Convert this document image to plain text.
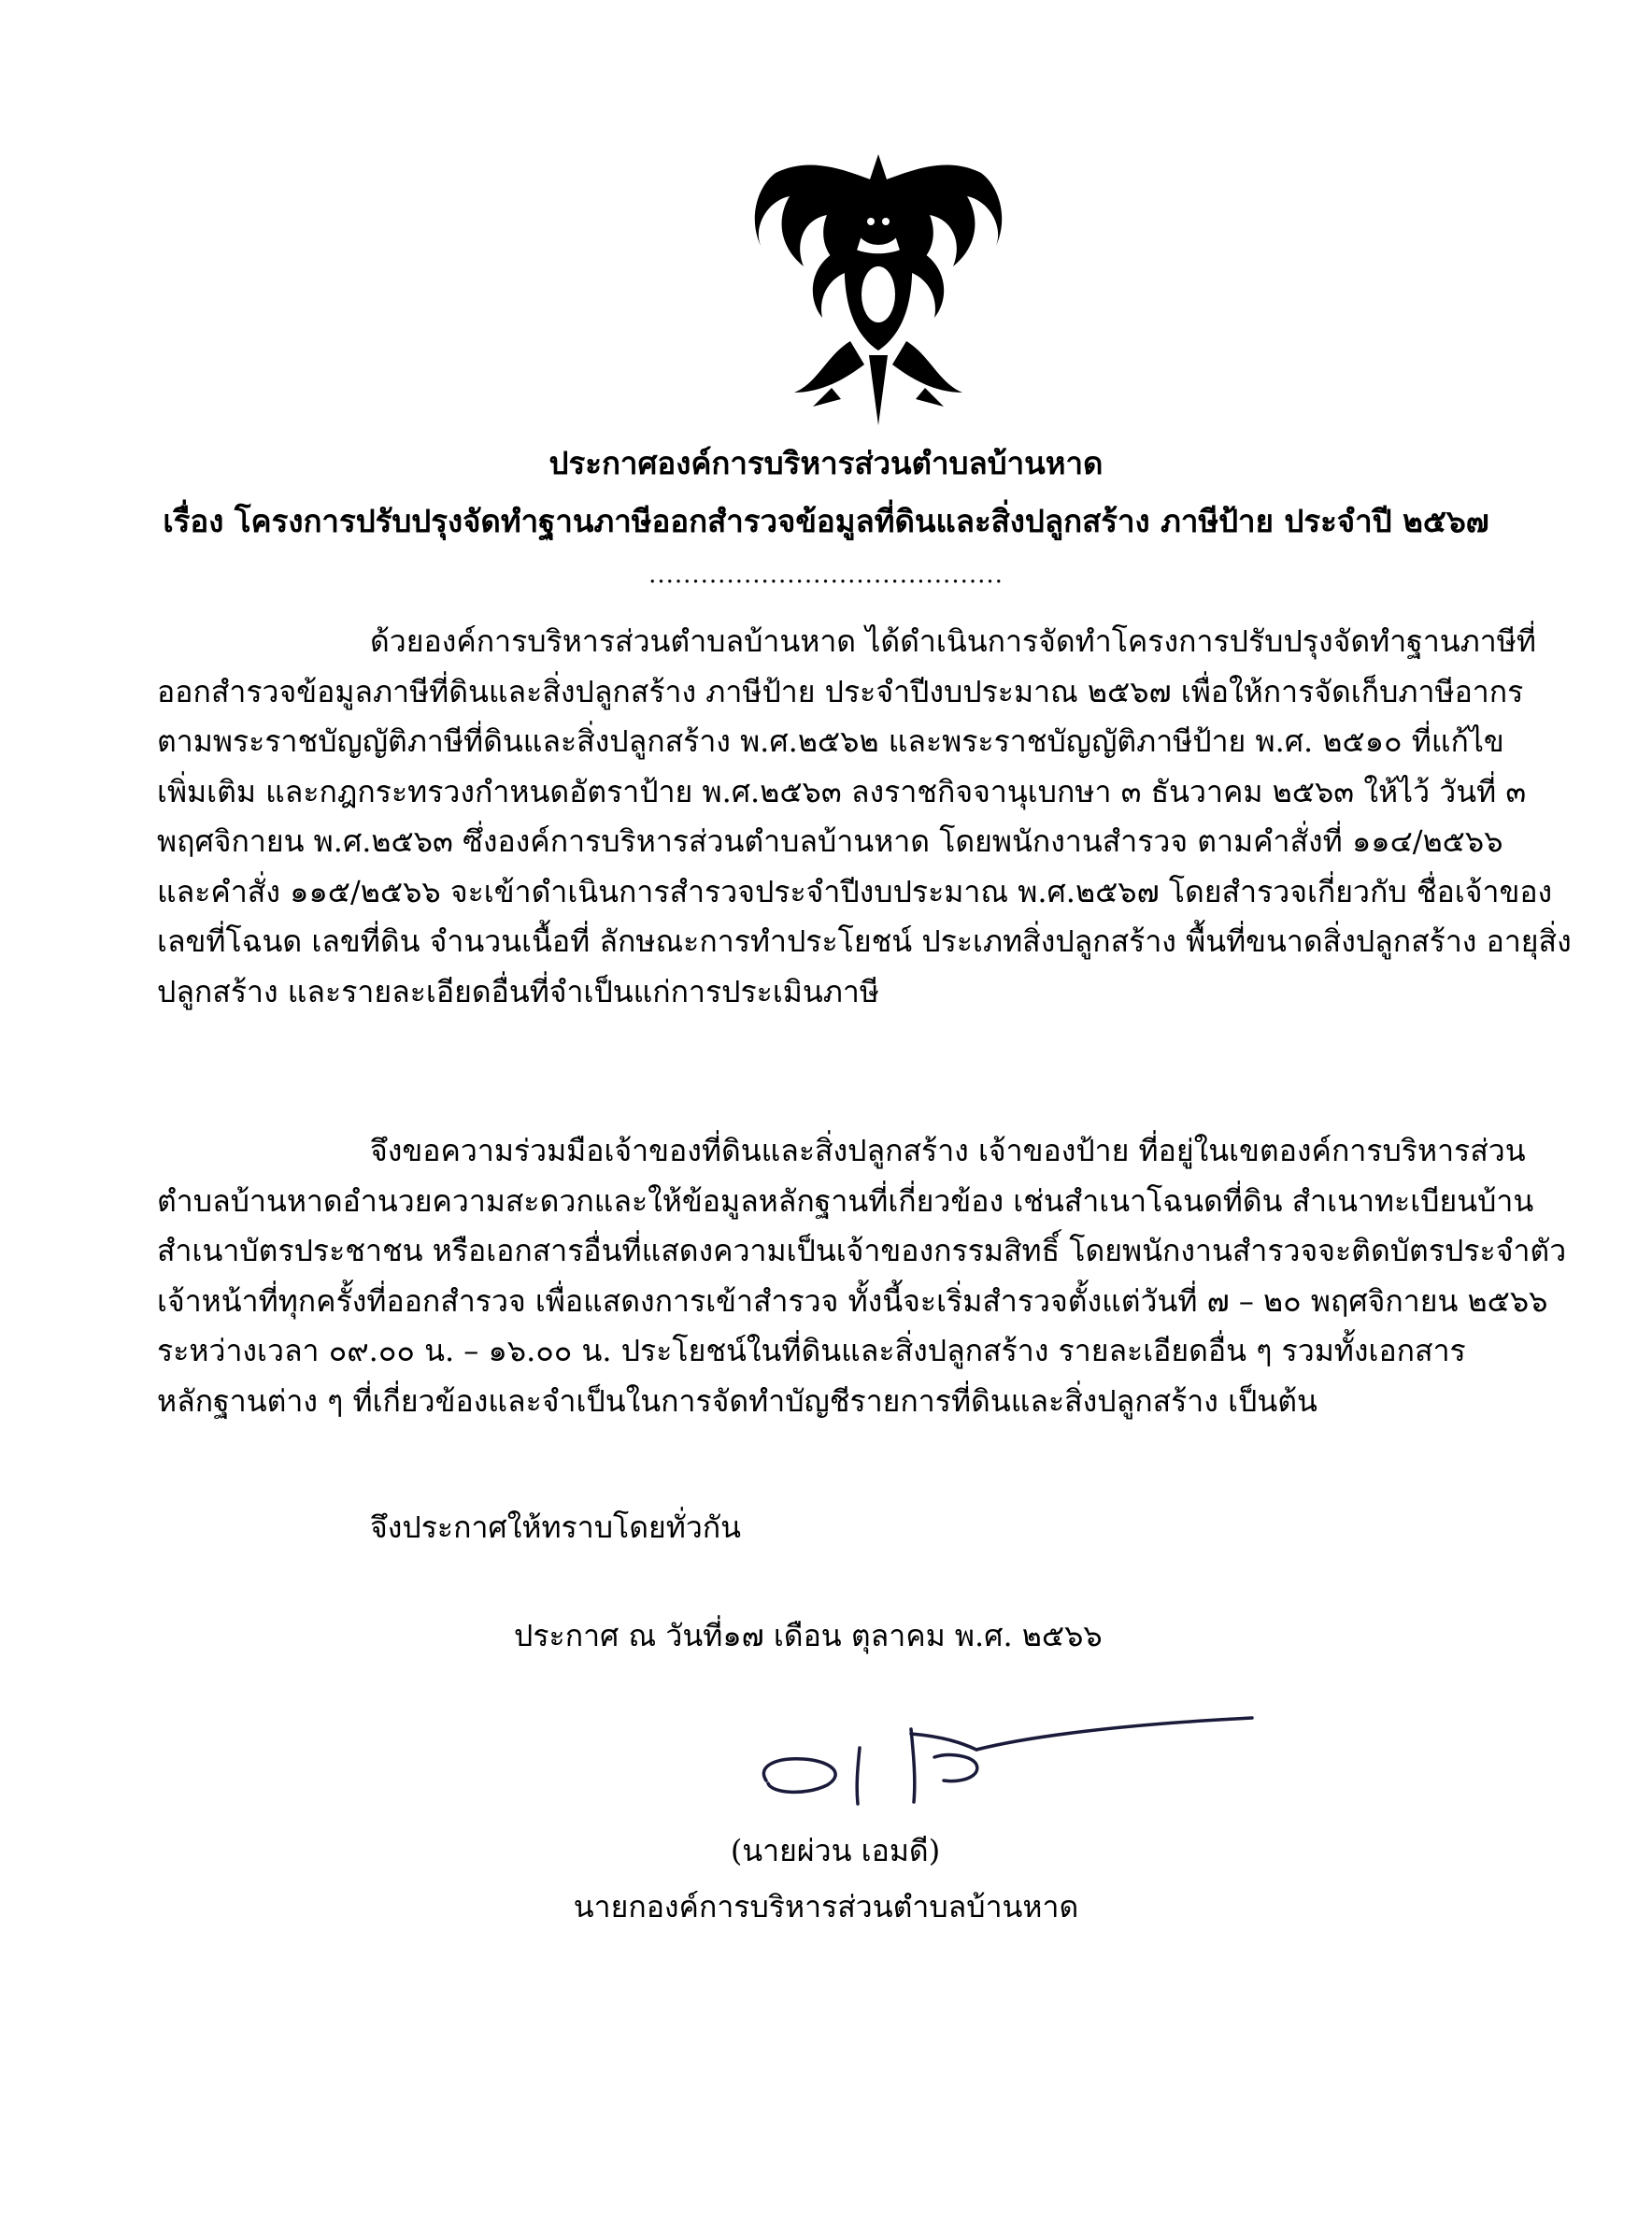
ประกาศองค์การบริหารส่วนตำบลบ้านหาด
เรื่อง โครงการปรับปรุงจัดทำฐานภาษีออกสำรวจข้อมูลที่ดินและสิ่งปลูกสร้าง ภาษีป้าย ประจำปี ๒๕๖๗
.........................................
ด้วยองค์การบริหารส่วนตำบลบ้านหาด ได้ดำเนินการจัดทำโครงการปรับปรุงจัดทำฐานภาษีที่
ออกสำรวจข้อมูลภาษีที่ดินและสิ่งปลูกสร้าง ภาษีป้าย ประจำปีงบประมาณ ๒๕๖๗ เพื่อให้การจัดเก็บภาษีอากร
ตามพระราชบัญญัติภาษีที่ดินและสิ่งปลูกสร้าง พ.ศ.๒๕๖๒ และพระราชบัญญัติภาษีป้าย พ.ศ. ๒๕๑๐ ที่แก้ไข
เพิ่มเติม และกฎกระทรวงกำหนดอัตราป้าย พ.ศ.๒๕๖๓ ลงราชกิจจานุเบกษา ๓ ธันวาคม ๒๕๖๓ ให้ไว้ วันที่ ๓
พฤศจิกายน พ.ศ.๒๕๖๓ ซึ่งองค์การบริหารส่วนตำบลบ้านหาด โดยพนักงานสำรวจ ตามคำสั่งที่ ๑๑๔/๒๕๖๖
และคำสั่ง ๑๑๕/๒๕๖๖ จะเข้าดำเนินการสำรวจประจำปีงบประมาณ พ.ศ.๒๕๖๗ โดยสำรวจเกี่ยวกับ ชื่อเจ้าของ
เลขที่โฉนด เลขที่ดิน จำนวนเนื้อที่ ลักษณะการทำประโยชน์ ประเภทสิ่งปลูกสร้าง พื้นที่ขนาดสิ่งปลูกสร้าง อายุสิ่ง
ปลูกสร้าง และรายละเอียดอื่นที่จำเป็นแก่การประเมินภาษี
จึงขอความร่วมมือเจ้าของที่ดินและสิ่งปลูกสร้าง เจ้าของป้าย ที่อยู่ในเขตองค์การบริหารส่วน
ตำบลบ้านหาดอำนวยความสะดวกและให้ข้อมูลหลักฐานที่เกี่ยวข้อง เช่นสำเนาโฉนดที่ดิน สำเนาทะเบียนบ้าน
สำเนาบัตรประชาชน หรือเอกสารอื่นที่แสดงความเป็นเจ้าของกรรมสิทธิ์ โดยพนักงานสำรวจจะติดบัตรประจำตัว
เจ้าหน้าที่ทุกครั้งที่ออกสำรวจ เพื่อแสดงการเข้าสำรวจ ทั้งนี้จะเริ่มสำรวจตั้งแต่วันที่ ๗ – ๒๐ พฤศจิกายน ๒๕๖๖
ระหว่างเวลา ๐๙.๐๐ น. – ๑๖.๐๐ น. ประโยชน์ในที่ดินและสิ่งปลูกสร้าง รายละเอียดอื่น ๆ รวมทั้งเอกสาร
หลักฐานต่าง ๆ ที่เกี่ยวข้องและจำเป็นในการจัดทำบัญชีรายการที่ดินและสิ่งปลูกสร้าง เป็นต้น
จึงประกาศให้ทราบโดยทั่วกัน
ประกาศ ณ วันที่๑๗ เดือน ตุลาคม พ.ศ. ๒๕๖๖
(นายผ่วน เอมดี)
นายกองค์การบริหารส่วนตำบลบ้านหาด
